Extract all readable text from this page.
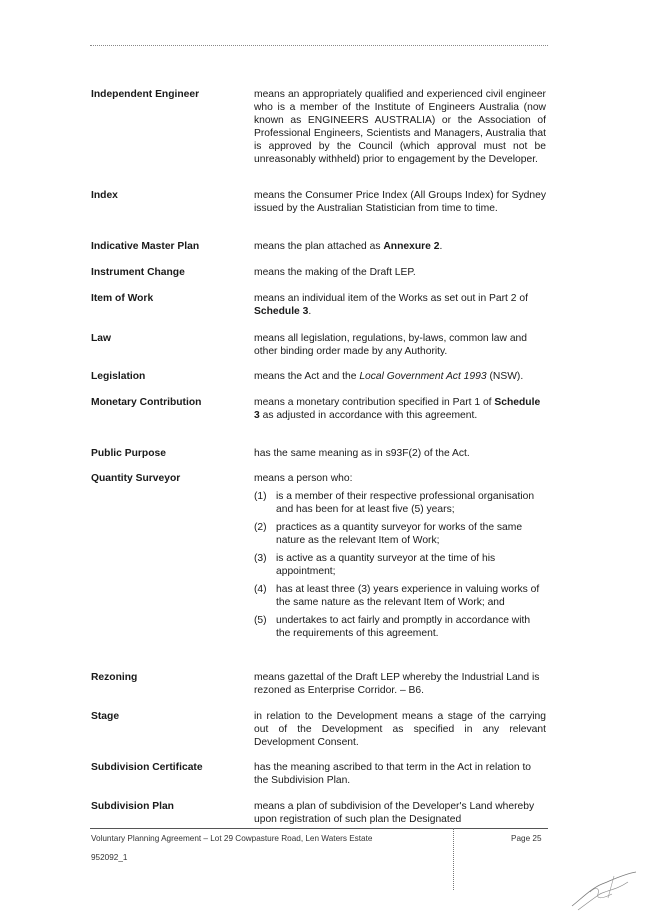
Independent Engineer	means an appropriately qualified and experienced civil engineer who is a member of the Institute of Engineers Australia (now known as ENGINEERS AUSTRALIA) or the Association of Professional Engineers, Scientists and Managers, Australia that is approved by the Council (which approval must not be unreasonably withheld) prior to engagement by the Developer.
Index	means the Consumer Price Index (All Groups Index) for Sydney issued by the Australian Statistician from time to time.
Indicative Master Plan	means the plan attached as Annexure 2.
Instrument Change	means the making of the Draft LEP.
Item of Work	means an individual item of the Works as set out in Part 2 of Schedule 3.
Law	means all legislation, regulations, by-laws, common law and other binding order made by any Authority.
Legislation	means the Act and the Local Government Act 1993 (NSW).
Monetary Contribution	means a monetary contribution specified in Part 1 of Schedule 3 as adjusted in accordance with this agreement.
Public Purpose	has the same meaning as in s93F(2) of the Act.
Quantity Surveyor	means a person who:
(1) is a member of their respective professional organisation and has been for at least five (5) years;
(2) practices as a quantity surveyor for works of the same nature as the relevant Item of Work;
(3) is active as a quantity surveyor at the time of his appointment;
(4) has at least three (3) years experience in valuing works of the same nature as the relevant Item of Work; and
(5) undertakes to act fairly and promptly in accordance with the requirements of this agreement.
Rezoning	means gazettal of the Draft LEP whereby the Industrial Land is rezoned as Enterprise Corridor. – B6.
Stage	in relation to the Development means a stage of the carrying out of the Development as specified in any relevant Development Consent.
Subdivision Certificate	has the meaning ascribed to that term in the Act in relation to the Subdivision Plan.
Subdivision Plan	means a plan of subdivision of the Developer's Land whereby upon registration of such plan the Designated
Voluntary Planning Agreement – Lot 29 Cowpasture Road, Len Waters Estate	Page 25
952092_1
